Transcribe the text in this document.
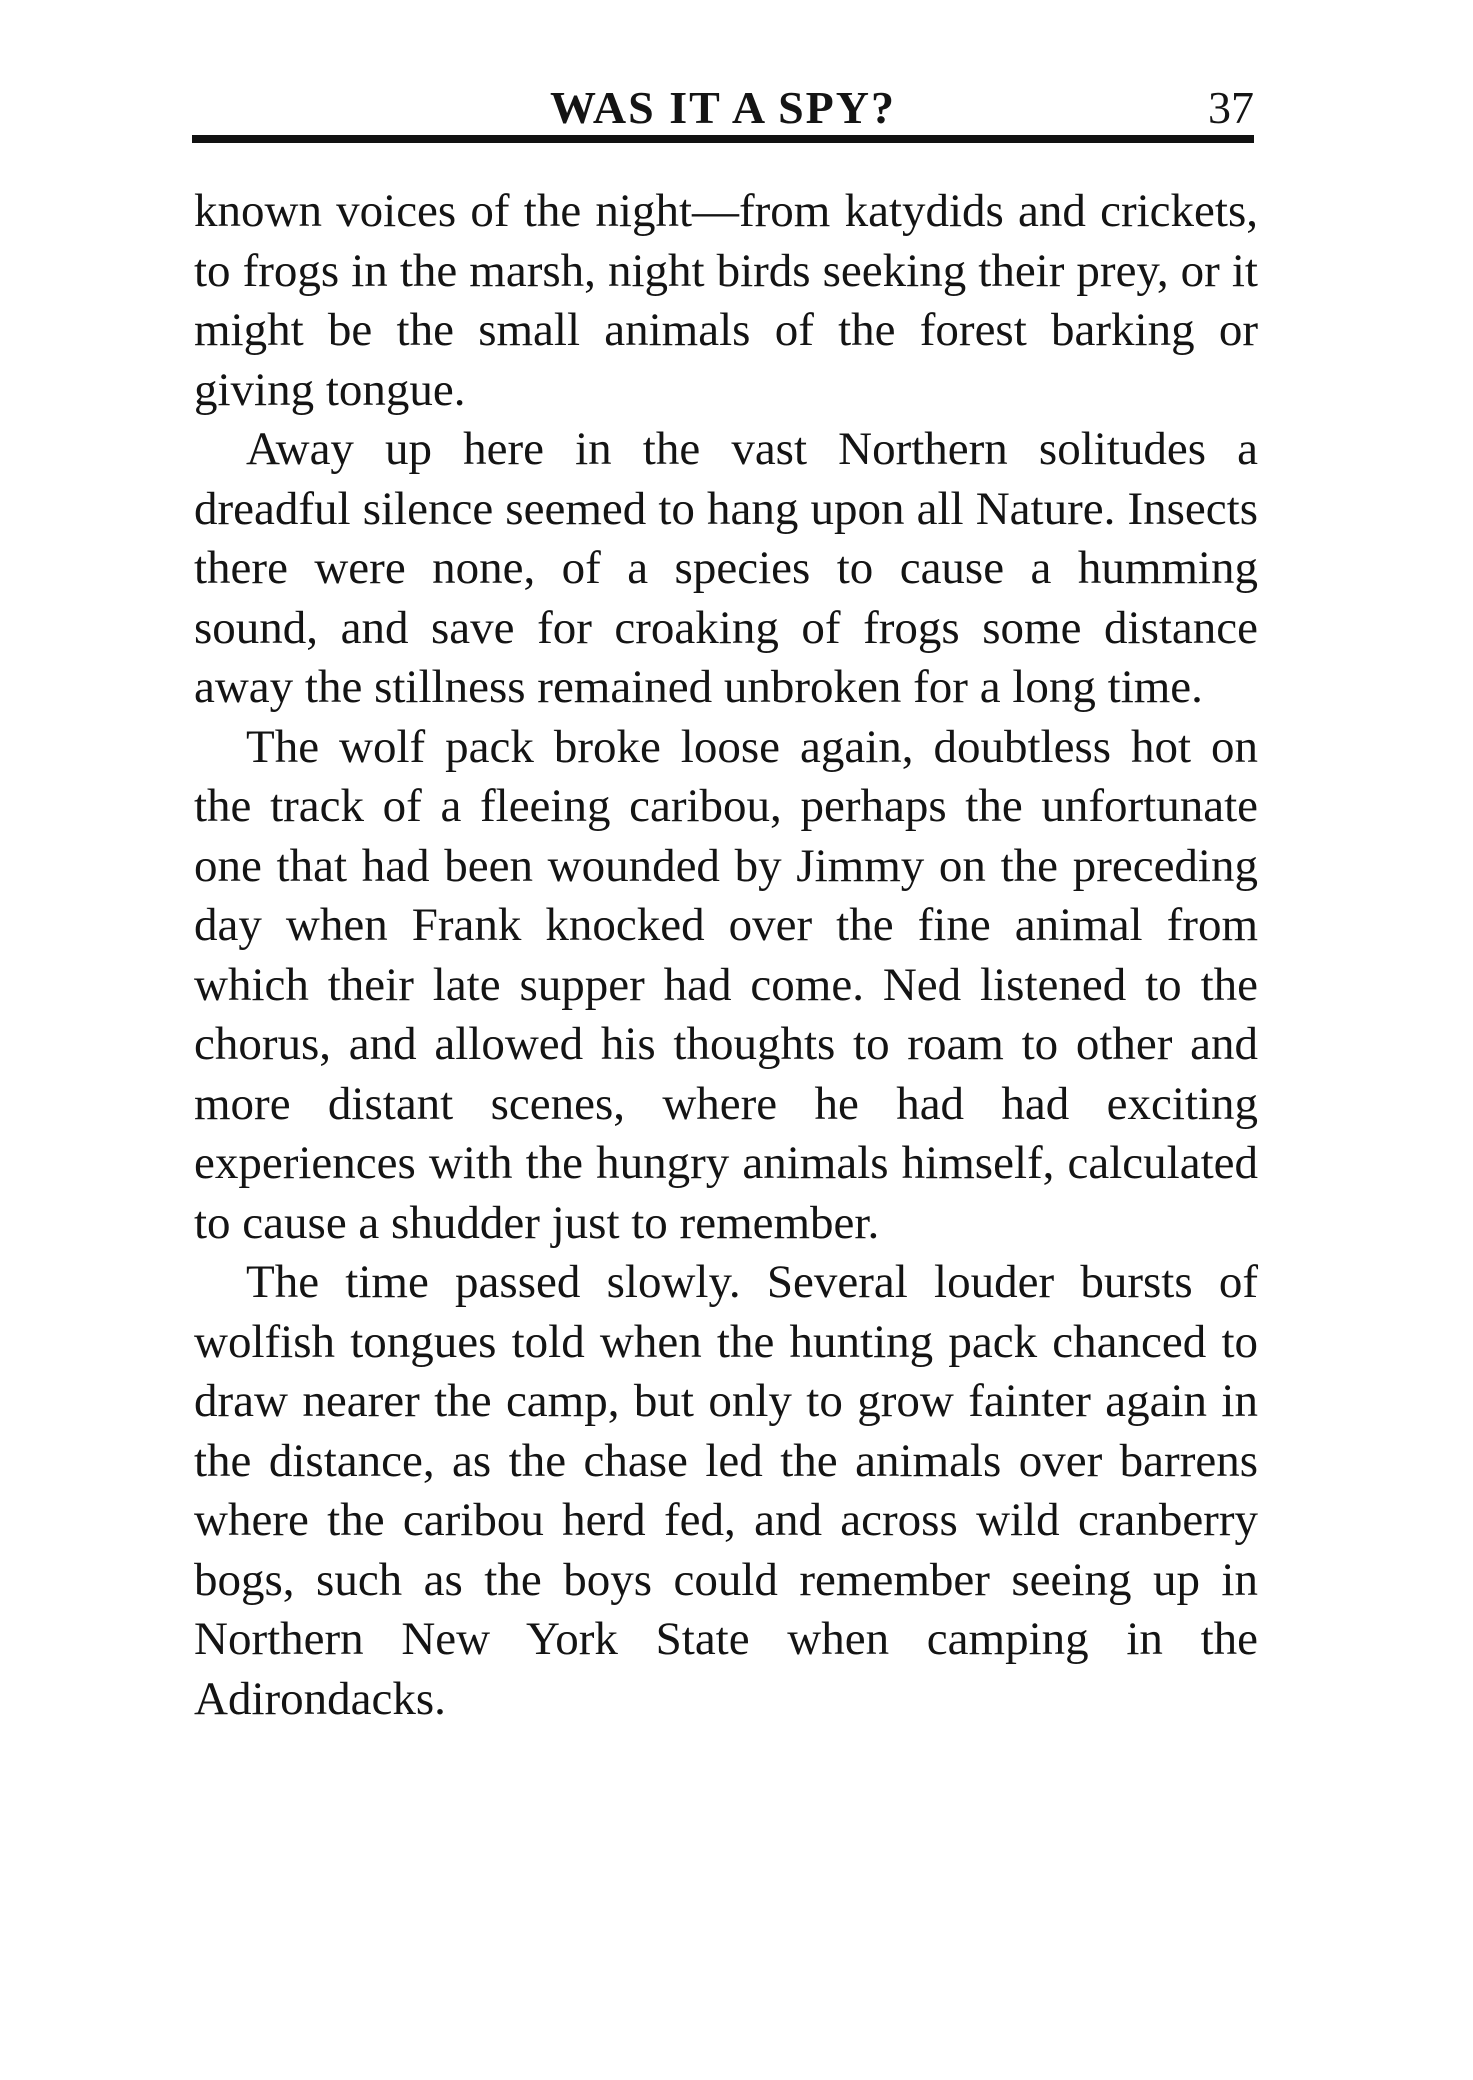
WAS IT A SPY?	37

known voices of the night—from katydids and crickets, to frogs in the marsh, night birds seeking their prey, or it might be the small animals of the forest barking or giving tongue.

Away up here in the vast Northern solitudes a dreadful silence seemed to hang upon all Nature. Insects there were none, of a species to cause a humming sound, and save for croaking of frogs some distance away the stillness remained unbroken for a long time.

The wolf pack broke loose again, doubtless hot on the track of a fleeing caribou, perhaps the unfortunate one that had been wounded by Jimmy on the preceding day when Frank knocked over the fine animal from which their late supper had come. Ned listened to the chorus, and allowed his thoughts to roam to other and more distant scenes, where he had had exciting experiences with the hungry animals himself, calculated to cause a shudder just to remember.

The time passed slowly. Several louder bursts of wolfish tongues told when the hunting pack chanced to draw nearer the camp, but only to grow fainter again in the distance, as the chase led the animals over barrens where the caribou herd fed, and across wild cranberry bogs, such as the boys could remember seeing up in Northern New York State when camping in the Adirondacks.
